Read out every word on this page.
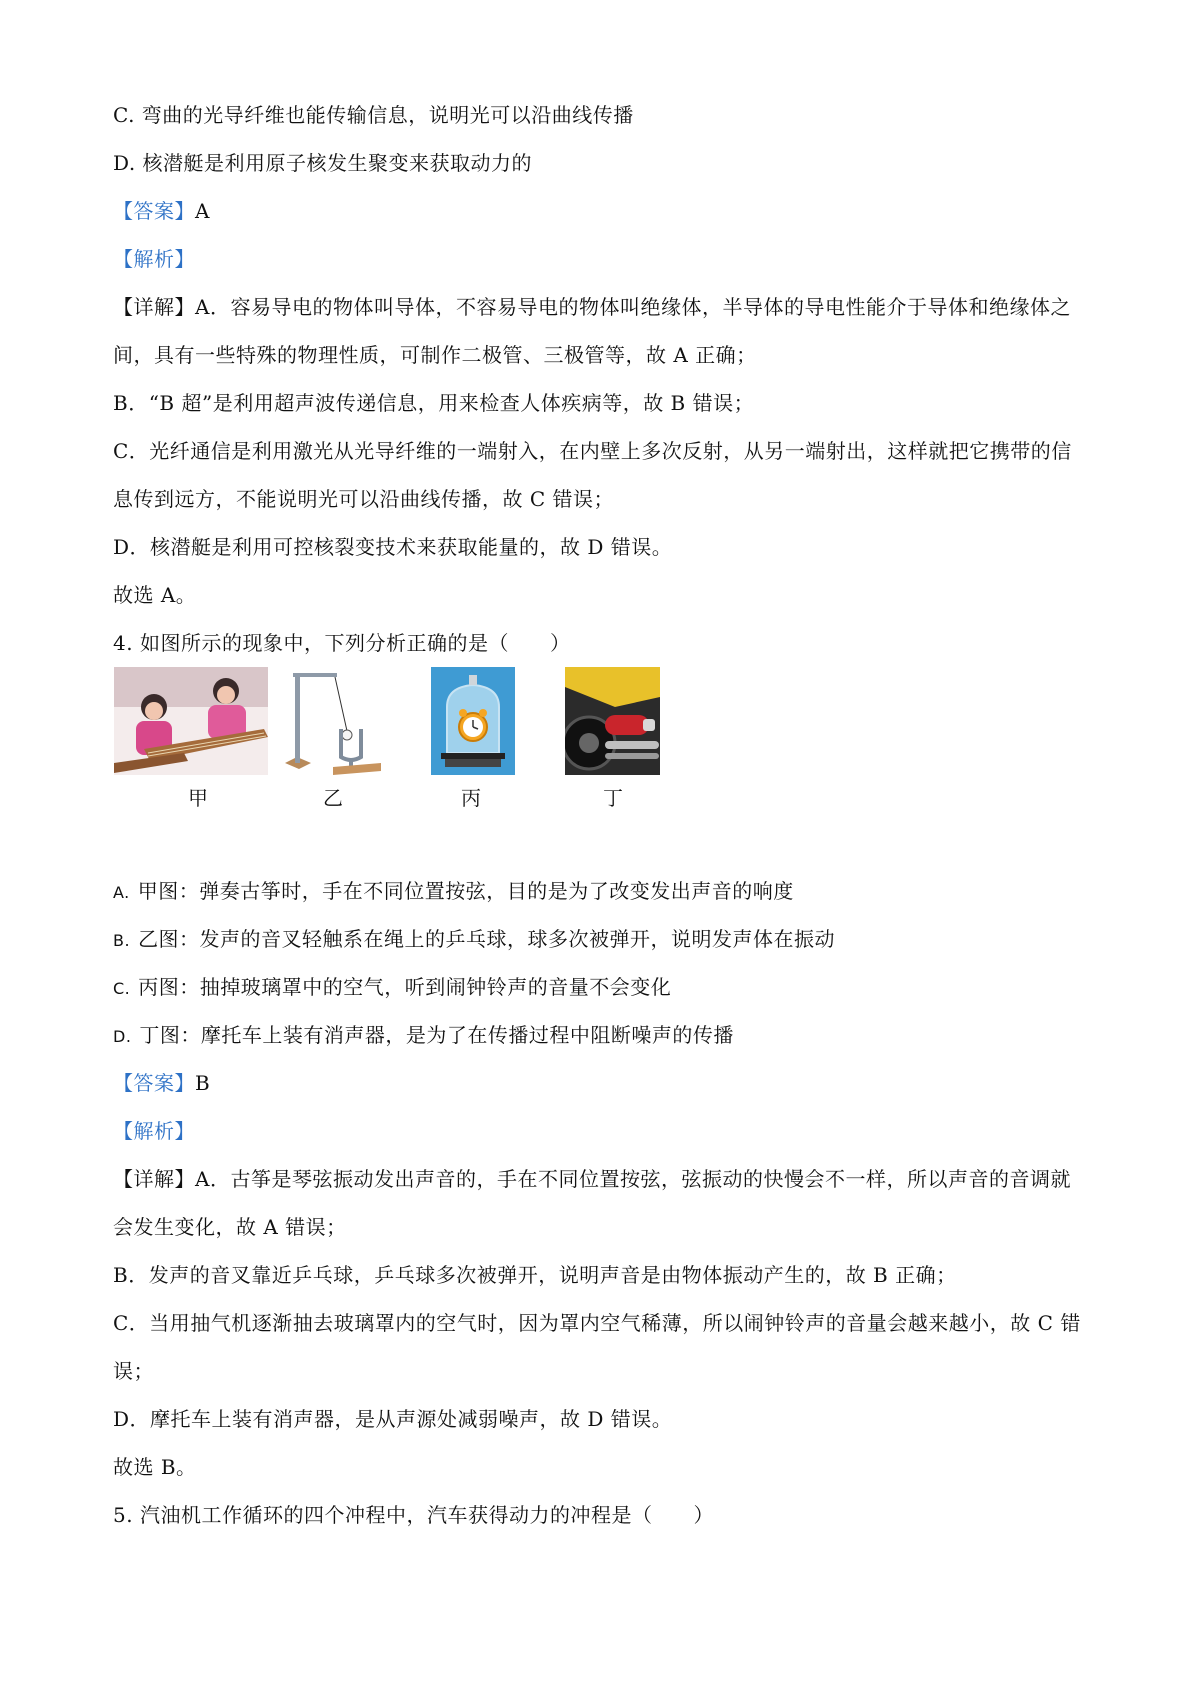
C. 弯曲的光导纤维也能传输信息，说明光可以沿曲线传播
D. 核潜艇是利用原子核发生聚变来获取动力的
【答案】A
【解析】
【详解】A．容易导电的物体叫导体，不容易导电的物体叫绝缘体，半导体的导电性能介于导体和绝缘体之
间，具有一些特殊的物理性质，可制作二极管、三极管等，故 A 正确；
B．“B 超”是利用超声波传递信息，用来检查人体疾病等，故 B 错误；
C．光纤通信是利用激光从光导纤维的一端射入，在内壁上多次反射，从另一端射出，这样就把它携带的信
息传到远方，不能说明光可以沿曲线传播，故 C 错误；
D．核潜艇是利用可控核裂变技术来获取能量的，故 D 错误。
故选 A。
4. 如图所示的现象中，下列分析正确的是（　　）
甲	乙	丙	丁
A. 甲图：弹奏古筝时，手在不同位置按弦，目的是为了改变发出声音的响度
B. 乙图：发声的音叉轻触系在绳上的乒乓球，球多次被弹开，说明发声体在振动
C. 丙图：抽掉玻璃罩中的空气，听到闹钟铃声的音量不会变化
D. 丁图：摩托车上装有消声器，是为了在传播过程中阻断噪声的传播
【答案】B
【解析】
【详解】A．古筝是琴弦振动发出声音的，手在不同位置按弦，弦振动的快慢会不一样，所以声音的音调就
会发生变化，故 A 错误；
B．发声的音叉靠近乒乓球，乒乓球多次被弹开，说明声音是由物体振动产生的，故 B 正确；
C．当用抽气机逐渐抽去玻璃罩内的空气时，因为罩内空气稀薄，所以闹钟铃声的音量会越来越小，故 C 错
误；
D．摩托车上装有消声器，是从声源处减弱噪声，故 D 错误。
故选 B。
5. 汽油机工作循环的四个冲程中，汽车获得动力的冲程是（　　）
